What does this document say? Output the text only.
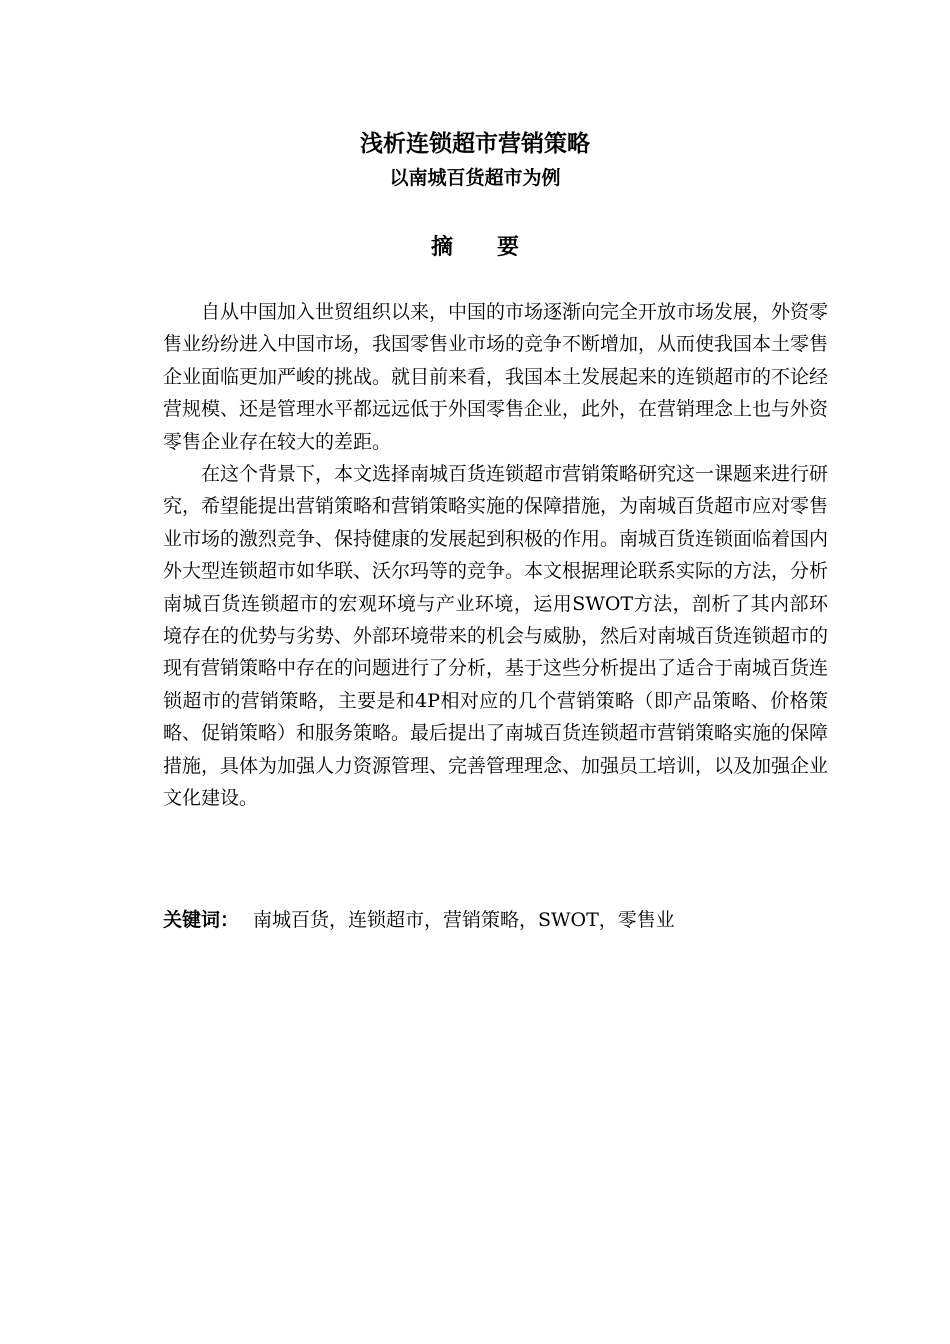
浅析连锁超市营销策略
以南城百货超市为例
摘要

自从中国加入世贸组织以来，中国的市场逐渐向完全开放市场发展，外资零售业纷纷进入中国市场，我国零售业市场的竞争不断增加，从而使我国本土零售企业面临更加严峻的挑战。就目前来看，我国本土发展起来的连锁超市的不论经营规模、还是管理水平都远远低于外国零售企业，此外，在营销理念上也与外资零售企业存在较大的差距。

在这个背景下，本文选择南城百货连锁超市营销策略研究这一课题来进行研究，希望能提出营销策略和营销策略实施的保障措施，为南城百货超市应对零售业市场的激烈竞争、保持健康的发展起到积极的作用。南城百货连锁面临着国内外大型连锁超市如华联、沃尔玛等的竞争。本文根据理论联系实际的方法，分析南城百货连锁超市的宏观环境与产业环境，运用SWOT方法，剖析了其内部环境存在的优势与劣势、外部环境带来的机会与威胁，然后对南城百货连锁超市的现有营销策略中存在的问题进行了分析，基于这些分析提出了适合于南城百货连锁超市的营销策略，主要是和4P相对应的几个营销策略（即产品策略、价格策略、促销策略）和服务策略。最后提出了南城百货连锁超市营销策略实施的保障措施，具体为加强人力资源管理、完善管理理念、加强员工培训，以及加强企业文化建设。

关键词： 南城百货，连锁超市，营销策略，SWOT，零售业
